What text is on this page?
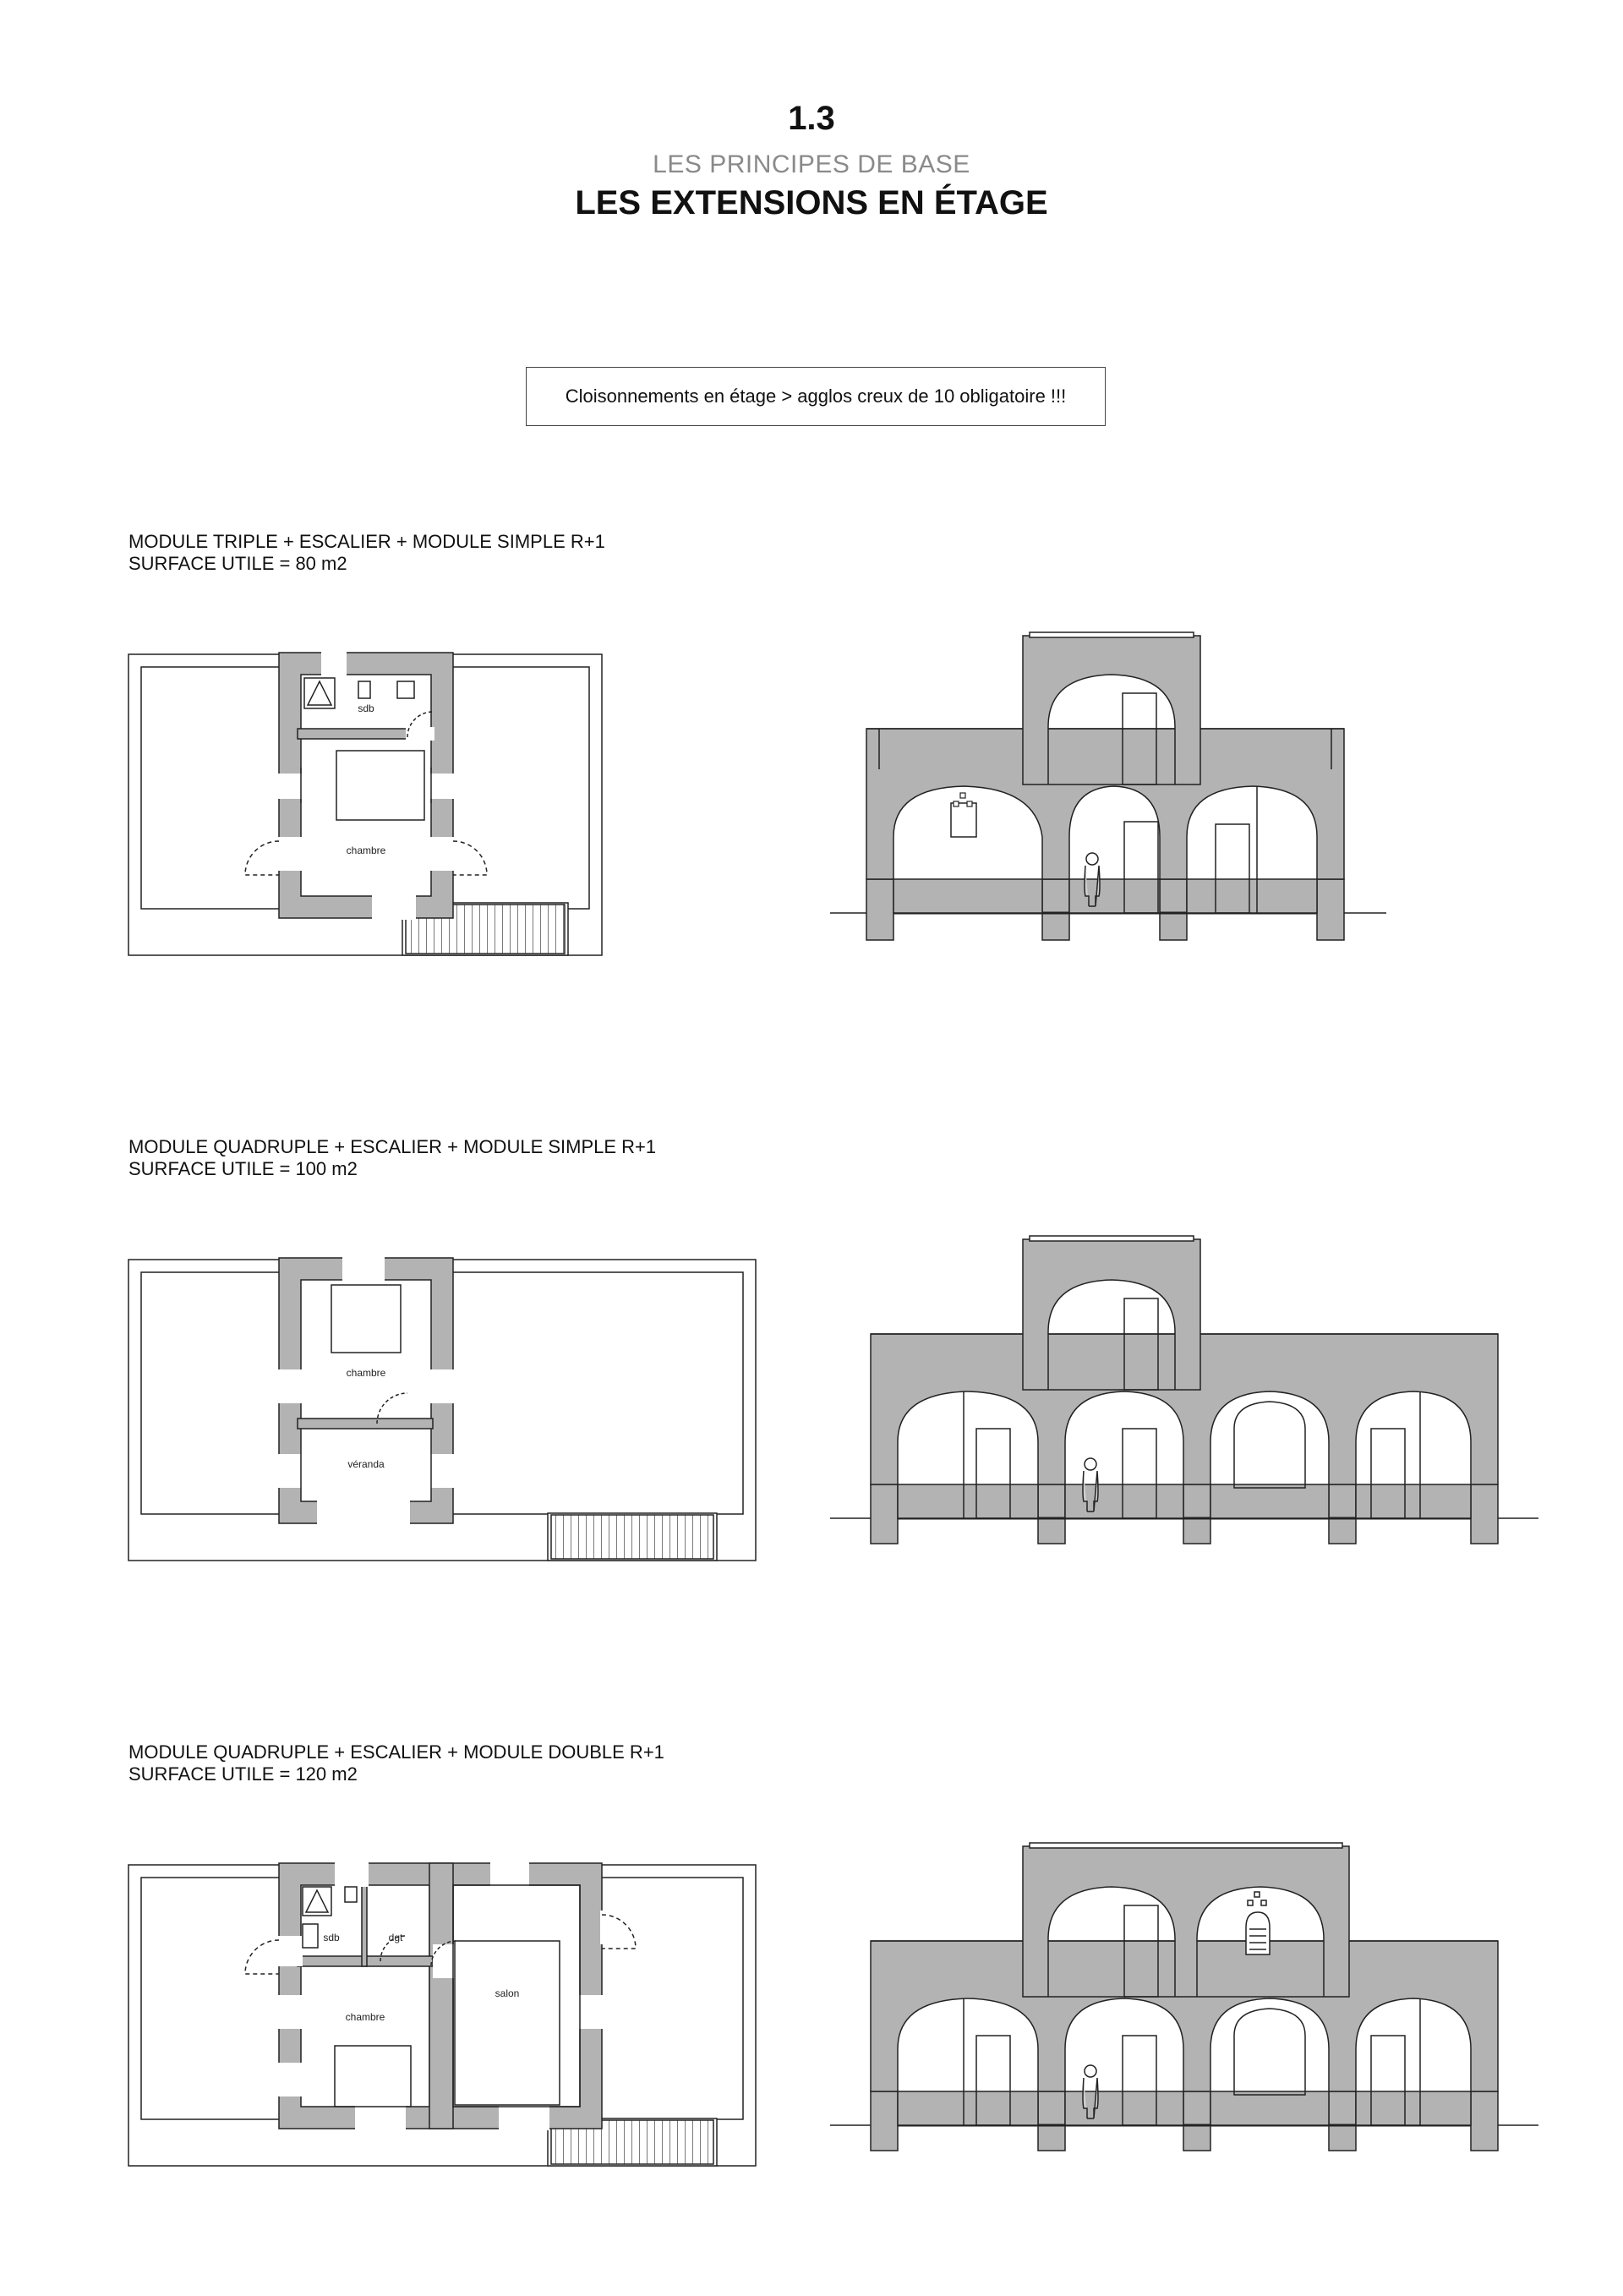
1.3
LES PRINCIPES DE BASE
LES EXTENSIONS EN ÉTAGE
Cloisonnements en étage > agglos creux de 10 obligatoire !!!
MODULE TRIPLE + ESCALIER + MODULE SIMPLE R+1
SURFACE UTILE = 80 m2
MODULE QUADRUPLE + ESCALIER + MODULE SIMPLE R+1
SURFACE UTILE = 100 m2
MODULE QUADRUPLE + ESCALIER + MODULE DOUBLE R+1
SURFACE UTILE = 120 m2
sdb
chambre
chambre
véranda
sdb	dgt
chambre
salon
